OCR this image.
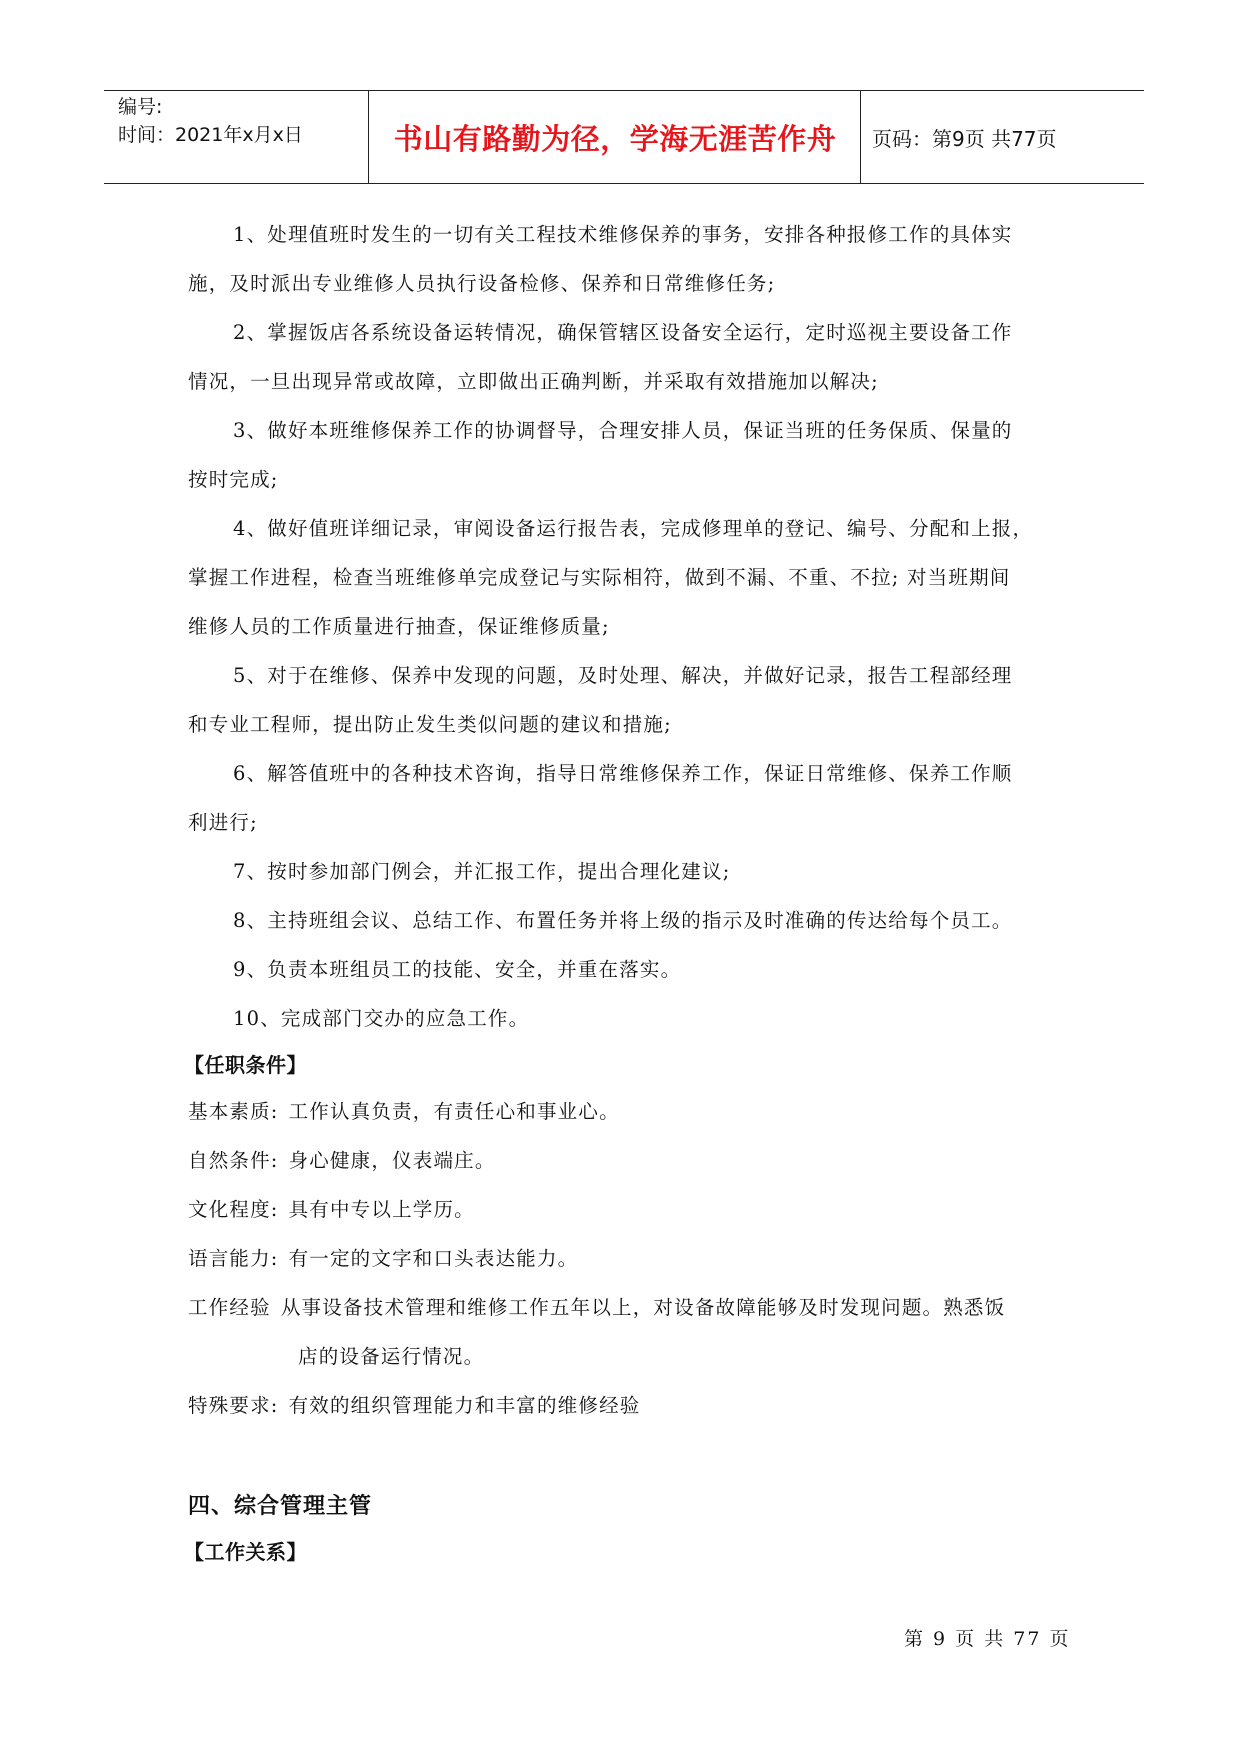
编号:
时间：2021年x月x日	书山有路勤为径，学海无涯苦作舟	页码：第9页 共77页
1、处理值班时发生的一切有关工程技术维修保养的事务，安排各种报修工作的具体实
施，及时派出专业维修人员执行设备检修、保养和日常维修任务;
2、掌握饭店各系统设备运转情况，确保管辖区设备安全运行，定时巡视主要设备工作
情况，一旦出现异常或故障，立即做出正确判断，并采取有效措施加以解决;
3、做好本班维修保养工作的协调督导，合理安排人员，保证当班的任务保质、保量的
按时完成;
4、做好值班详细记录，审阅设备运行报告表，完成修理单的登记、编号、分配和上报，
掌握工作进程，检查当班维修单完成登记与实际相符，做到不漏、不重、不拉; 对当班期间
维修人员的工作质量进行抽查，保证维修质量;
5、对于在维修、保养中发现的问题，及时处理、解决，并做好记录，报告工程部经理
和专业工程师，提出防止发生类似问题的建议和措施;
6、解答值班中的各种技术咨询，指导日常维修保养工作，保证日常维修、保养工作顺
利进行;
7、按时参加部门例会，并汇报工作，提出合理化建议;
8、主持班组会议、总结工作、布置任务并将上级的指示及时准确的传达给每个员工。
9、负责本班组员工的技能、安全，并重在落实。
10、完成部门交办的应急工作。
【任职条件】
基本素质: 工作认真负责，有责任心和事业心。
自然条件: 身心健康，仪表端庄。
文化程度: 具有中专以上学历。
语言能力: 有一定的文字和口头表达能力。
工作经验 从事设备技术管理和维修工作五年以上，对设备故障能够及时发现问题。熟悉饭
店的设备运行情况。
特殊要求: 有效的组织管理能力和丰富的维修经验
四、综合管理主管
【工作关系】
第 9 页 共 77 页
